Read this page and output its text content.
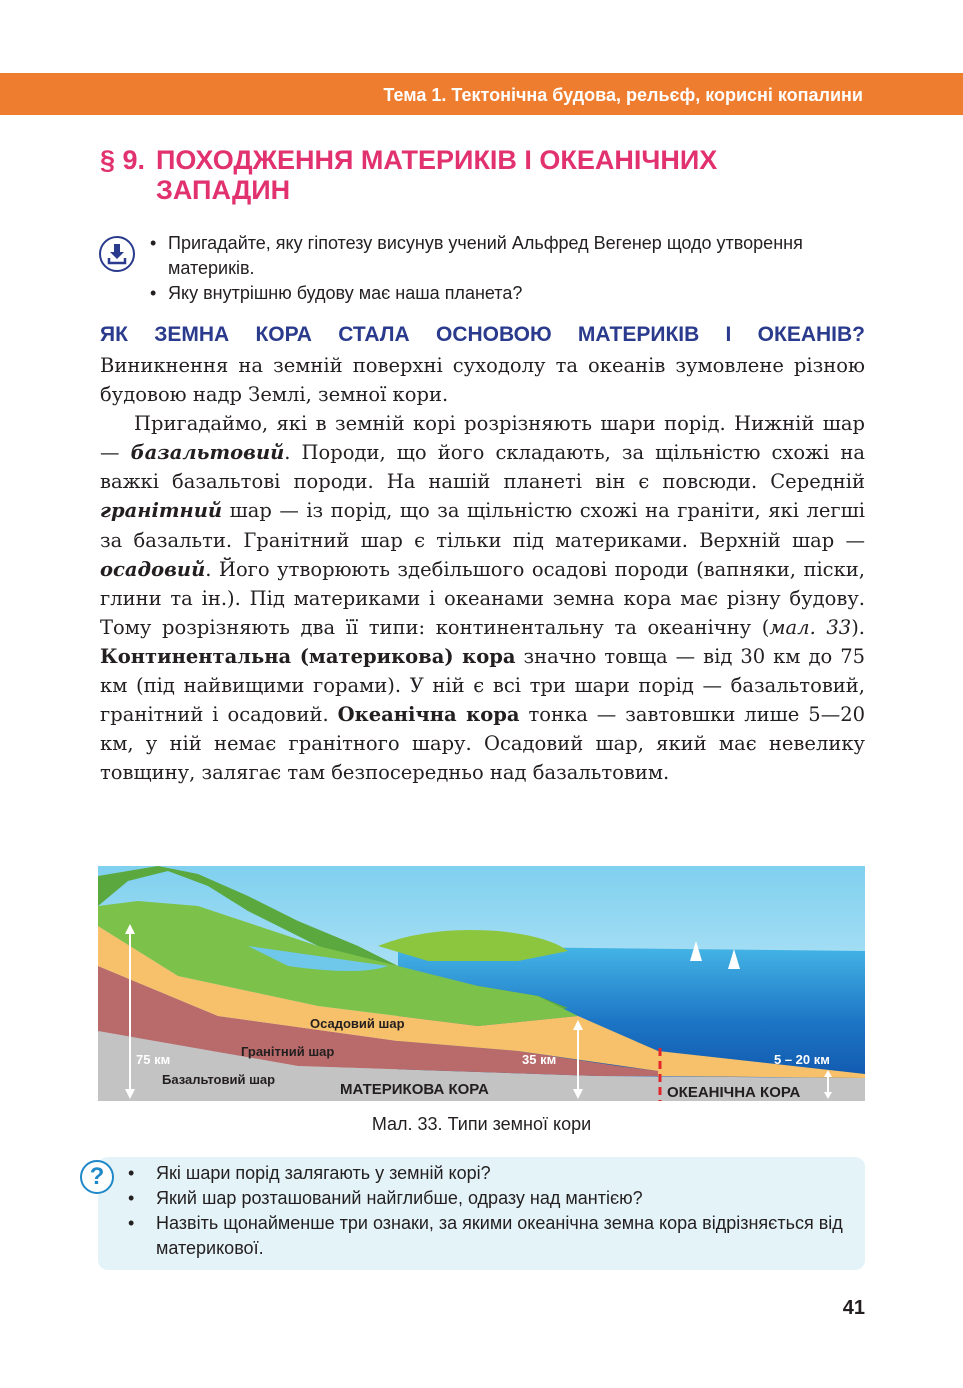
Тема 1. Тектонічна будова, рельєф, корисні копалини
§ 9. ПОХОДЖЕННЯ МАТЕРИКІВ І ОКЕАНІЧНИХ
ЗАПАДИН
• Пригадайте, яку гіпотезу висунув учений Альфред Вегенер щодо утворення материків.
• Яку внутрішню будову має наша планета?
ЯК ЗЕМНА КОРА СТАЛА ОСНОВОЮ МАТЕРИКІВ І ОКЕАНІВ?

Виникнення на земній поверхні суходолу та океанів зумовлене різною будовою надр Землі, земної кори.

Пригадаймо, які в земній корі розрізняють шари порід. Нижній шар — базальтовий. Породи, що його складають, за щільністю схожі на важкі базальтові породи. На нашій планеті він є повсюди. Середній гранітний шар — із порід, що за щільністю схожі на граніти, які легші за базальти. Гранітний шар є тільки під материками. Верхній шар — осадовий. Його утворюють здебільшого осадові породи (вапняки, піски, глини та ін.). Під материками і океанами земна кора має різну будову. Тому розрізняють два її типи: континентальну та океанічну (мал. 33). Континентальна (материкова) кора значно товща — від 30 км до 75 км (під найвищими горами). У ній є всі три шари порід — базальтовий, гранітний і осадовий. Океанічна кора тонка — завтовшки лише 5—20 км, у ній немає гранітного шару. Осадовий шар, який має невелику товщину, залягає там безпосередньо над базальтовим.

Осадовий шар
Гранітний шар
Базальтовий шар
75 км	35 км	5 – 20 км
МАТЕРИКОВА КОРА	ОКЕАНІЧНА КОРА
Мал. 33. Типи земної кори
?
•	Які шари порід залягають у земній корі?
• Який шар розташований найглибше, одразу над мантією?
• Назвіть щонайменше три ознаки, за якими океанічна земна кора відрізняється від материкової.
41
